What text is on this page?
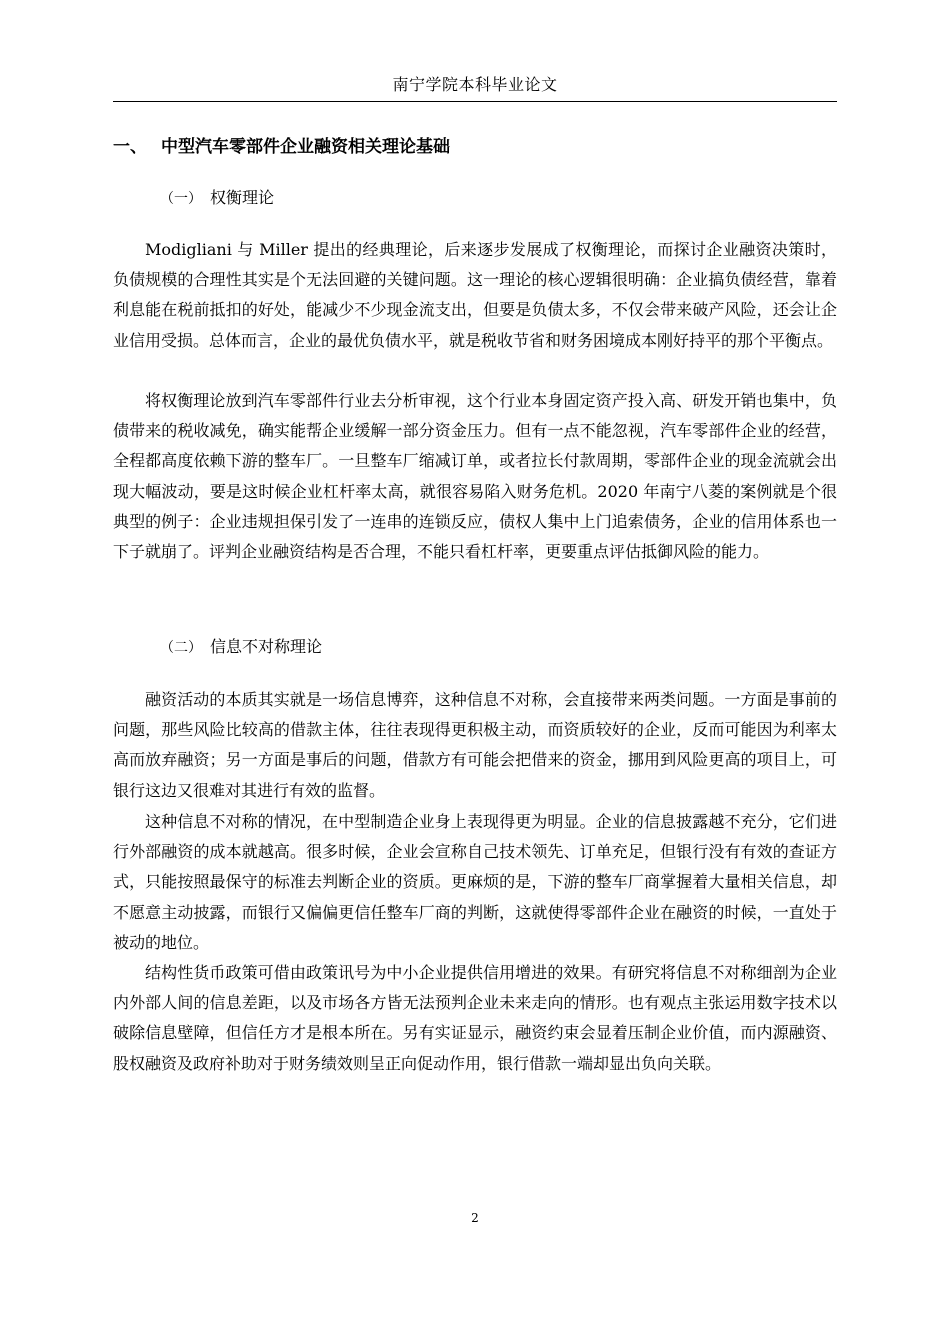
南宁学院本科毕业论文
一、 中型汽车零部件企业融资相关理论基础
（一） 权衡理论

Modigliani 与 Miller 提出的经典理论，后来逐步发展成了权衡理论，而探讨企业融资决策时，负债规模的合理性其实是个无法回避的关键问题。这一理论的核心逻辑很明确：企业搞负债经营，靠着利息能在税前抵扣的好处，能减少不少现金流支出，但要是负债太多，不仅会带来破产风险，还会让企业信用受损。总体而言，企业的最优负债水平，就是税收节省和财务困境成本刚好持平的那个平衡点。

将权衡理论放到汽车零部件行业去分析审视，这个行业本身固定资产投入高、研发开销也集中，负债带来的税收减免，确实能帮企业缓解一部分资金压力。但有一点不能忽视，汽车零部件企业的经营，全程都高度依赖下游的整车厂。一旦整车厂缩减订单，或者拉长付款周期，零部件企业的现金流就会出现大幅波动，要是这时候企业杠杆率太高，就很容易陷入财务危机。2020 年南宁八菱的案例就是个很典型的例子：企业违规担保引发了一连串的连锁反应，债权人集中上门追索债务，企业的信用体系也一下子就崩了。评判企业融资结构是否合理，不能只看杠杆率，更要重点评估抵御风险的能力。

（二） 信息不对称理论

融资活动的本质其实就是一场信息博弈，这种信息不对称，会直接带来两类问题。一方面是事前的问题，那些风险比较高的借款主体，往往表现得更积极主动，而资质较好的企业，反而可能因为利率太高而放弃融资；另一方面是事后的问题，借款方有可能会把借来的资金，挪用到风险更高的项目上，可银行这边又很难对其进行有效的监督。

这种信息不对称的情况，在中型制造企业身上表现得更为明显。企业的信息披露越不充分，它们进行外部融资的成本就越高。很多时候，企业会宣称自己技术领先、订单充足，但银行没有有效的查证方式，只能按照最保守的标准去判断企业的资质。更麻烦的是，下游的整车厂商掌握着大量相关信息，却不愿意主动披露，而银行又偏偏更信任整车厂商的判断，这就使得零部件企业在融资的时候，一直处于被动的地位。

结构性货币政策可借由政策讯号为中小企业提供信用增进的效果。有研究将信息不对称细剖为企业内外部人间的信息差距，以及市场各方皆无法预判企业未来走向的情形。也有观点主张运用数字技术以破除信息壁障，但信任方才是根本所在。另有实证显示，融资约束会显着压制企业价值，而内源融资、股权融资及政府补助对于财务绩效则呈正向促动作用，银行借款一端却显出负向关联。

2
